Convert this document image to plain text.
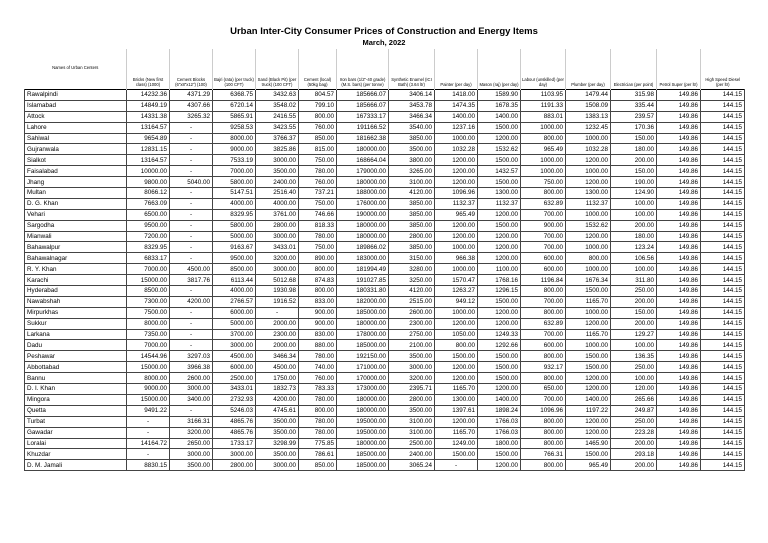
Urban Inter-City Consumer Prices of Construction and Energy Items
March, 2022
Names of Urban Centers	Bricks (New first class) (1000)	Cement Blocks (6"x8"x12") (100)	Bajri (rata) (per truck) (100 CFT)	Sand (Black Pit) (per truck) (100 CFT)	Cement (local) (50kg bag)	Iron bars (1/2"-40 grade) (M.S. bars) (per tonne)	Synthetic Enamel (ICI Bath) (3.64 ltr)	Painter (per day)	Mason (raj) (per day)	Labour (unskilled) (per day)	Plumber (per day)	Electrician (per point)	Petrol Super (per ltr)	High Speed Diesel (per ltr)
Rawalpindi	14232.36	4371.29	6368.75	3432.63	804.57	185666.07	3406.14	1418.00	1589.90	1103.95	1479.44	315.98	149.86	144.15
Islamabad	14849.19	4307.66	6720.14	3548.02	799.10	185666.07	3453.78	1474.35	1678.35	1191.33	1508.09	335.44	149.86	144.15
Attock	14331.38	3265.32	5865.91	2416.55	800.00	167333.17	3466.34	1400.00	1400.00	883.01	1383.13	239.57	149.86	144.15
Lahore	13164.57	-	9258.53	3423.55	760.00	191166.52	3540.00	1237.16	1500.00	1000.00	1232.45	170.36	149.86	144.15
Sahiwal	9654.89	-	8000.00	3766.37	850.00	181662.38	3850.00	1000.00	1200.00	800.00	1000.00	150.00	149.86	144.15
Gujranwala	12831.15	-	9000.00	3825.86	815.00	180000.00	3500.00	1032.28	1532.62	965.49	1032.28	180.00	149.86	144.15
Sialkot	13164.57	-	7533.19	3000.00	750.00	168664.04	3800.00	1200.00	1500.00	1000.00	1200.00	200.00	149.86	144.15
Faisalabad	10000.00	-	7000.00	3500.00	780.00	179000.00	3265.00	1200.00	1432.57	1000.00	1000.00	150.00	149.86	144.15
Jhang	9800.00	5040.00	5800.00	2400.00	760.00	180000.00	3100.00	1200.00	1500.00	750.00	1200.00	190.00	149.86	144.15
Multan	8066.12	-	5147.51	2516.40	737.21	188000.00	4120.00	1096.96	1300.00	800.00	1300.00	124.90	149.86	144.15
D. G. Khan	7663.09	-	4000.00	4000.00	750.00	176000.00	3850.00	1132.37	1132.37	632.89	1132.37	100.00	149.86	144.15
Vehari	6500.00	-	8329.95	3761.00	746.66	190000.00	3850.00	965.49	1200.00	700.00	1000.00	100.00	149.86	144.15
Sargodha	9500.00	-	5800.00	2800.00	818.33	180000.00	3850.00	1200.00	1500.00	900.00	1532.62	200.00	149.86	144.15
Mianwali	7200.00	-	5000.00	3000.00	780.00	180000.00	2800.00	1200.00	1200.00	700.00	1200.00	180.00	149.86	144.15
Bahawalpur	8329.95	-	9163.67	3433.01	750.00	189866.02	3850.00	1000.00	1200.00	700.00	1000.00	123.24	149.86	144.15
Bahawalnagar	6833.17	-	9500.00	3200.00	890.00	183000.00	3150.00	966.38	1200.00	600.00	800.00	106.56	149.86	144.15
R. Y. Khan	7000.00	4500.00	8500.00	3000.00	800.00	181994.49	3280.00	1000.00	1100.00	600.00	1000.00	100.00	149.86	144.15
Karachi	15000.00	3817.76	6113.44	5012.68	874.83	191027.85	3250.00	1570.47	1768.16	1196.84	1676.34	311.80	149.86	144.15
Hyderabad	8500.00	-	4000.00	1930.98	800.00	180331.80	4120.00	1263.27	1296.15	800.00	1500.00	250.00	149.86	144.15
Nawabshah	7300.00	4200.00	2766.57	1916.52	833.00	182000.00	2515.00	949.12	1500.00	700.00	1165.70	200.00	149.86	144.15
Mirpurkhas	7500.00	-	6000.00	-	900.00	185000.00	2600.00	1000.00	1200.00	800.00	1000.00	150.00	149.86	144.15
Sukkur	8000.00	-	5000.00	2000.00	900.00	180000.00	2300.00	1200.00	1200.00	632.89	1200.00	200.00	149.86	144.15
Larkana	7350.00	-	3700.00	2300.00	830.00	178000.00	2750.00	1050.00	1249.33	700.00	1165.70	129.27	149.86	144.15
Dadu	7000.00	-	3000.00	2000.00	880.00	185000.00	2100.00	800.00	1292.66	600.00	1000.00	100.00	149.86	144.15
Peshawar	14544.96	3297.03	4500.00	3466.34	780.00	192150.00	3500.00	1500.00	1500.00	800.00	1500.00	136.35	149.86	144.15
Abbottabad	15000.00	3966.38	6000.00	4500.00	740.00	171000.00	3000.00	1200.00	1500.00	932.17	1500.00	250.00	149.86	144.15
Bannu	8000.00	2600.00	2500.00	1750.00	760.00	170000.00	3200.00	1200.00	1500.00	800.00	1200.00	100.00	149.86	144.15
D. I. Khan	9000.00	3000.00	3433.01	1832.73	783.33	173000.00	2395.71	1165.70	1200.00	650.00	1200.00	120.00	149.86	144.15
Mingora	15000.00	3400.00	2732.93	4200.00	780.00	180000.00	2800.00	1300.00	1400.00	700.00	1400.00	265.66	149.86	144.15
Quetta	9491.22	-	5246.03	4745.61	800.00	180000.00	3500.00	1397.61	1898.24	1096.96	1197.22	249.87	149.86	144.15
Turbat	-	3166.31	4865.76	3500.00	780.00	195000.00	3100.00	1200.00	1766.03	800.00	1200.00	250.00	149.86	144.15
Gawadar	-	3200.00	4865.76	3500.00	780.00	195000.00	3100.00	1165.70	1766.03	800.00	1200.00	223.28	149.86	144.15
Loralai	14164.72	2650.00	1733.17	3298.99	775.85	180000.00	2500.00	1249.00	1800.00	800.00	1465.90	200.00	149.86	144.15
Khuzdar	-	3000.00	3000.00	3500.00	786.61	185000.00	2400.00	1500.00	1500.00	766.31	1500.00	293.18	149.86	144.15
D. M. Jamali	8830.15	3500.00	2800.00	3000.00	850.00	185000.00	3065.24	-	1200.00	800.00	965.49	200.00	149.86	144.15
